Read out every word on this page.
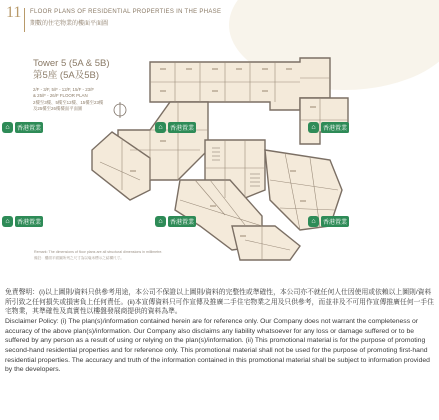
11 FLOOR PLANS OF RESIDENTIAL PROPERTIES IN THE PHASE
期數的住宅物業的樓面平面圖
Tower 5 (5A & 5B)
第5座 (5A及5B)
2/F - 3/F, 5/F - 12/F, 15/F - 23/F
& 25/F - 26/F FLOOR PLAN
2樓至3樓、5樓至12樓、15樓至23樓
及25樓至26樓樓面平面圖
Remark: The dimensions of floor plans are all structural dimensions in millimetre.
備註：樓面平面圖所列之尺寸為以毫米標示之結構尺寸。
⌂	香港置業	⌂	香港置業	⌂	香港置業
⌂	香港置業	⌂	香港置業	⌂	香港置業

免責聲明：(i)以上圖則/資料只供參考用途，本公司不保證以上圖則/資料的完整性或準確性，本公司亦不就任何人仕因使用或依賴以上圖則/資料所引致之任何損失或損害負上任何責任。(ii)本宣傳資料只可作宣傳及推廣二手住宅物業之用及只供參考，而並非及不可用作宣傳推廣任何一手住宅物業，其準確性及真實性以樓盤發展商提供的資料為準。

Disclaimer Policy: (i) The plan(s)/information contained herein are for reference only. Our Company does not warrant the completeness or accuracy of the above plan(s)/information. Our Company also disclaims any liability whatsoever for any loss or damage suffered or to be suffered by any person as a result of using or relying on the plan(s)/information. (ii) This promotional material is for the purpose of promoting second-hand residential properties and for reference only. This promotional material shall not be used for the purpose of promoting first-hand residential properties. The accuracy and truth of the information contained in this promotional material shall be subject to information provided by the developers.
